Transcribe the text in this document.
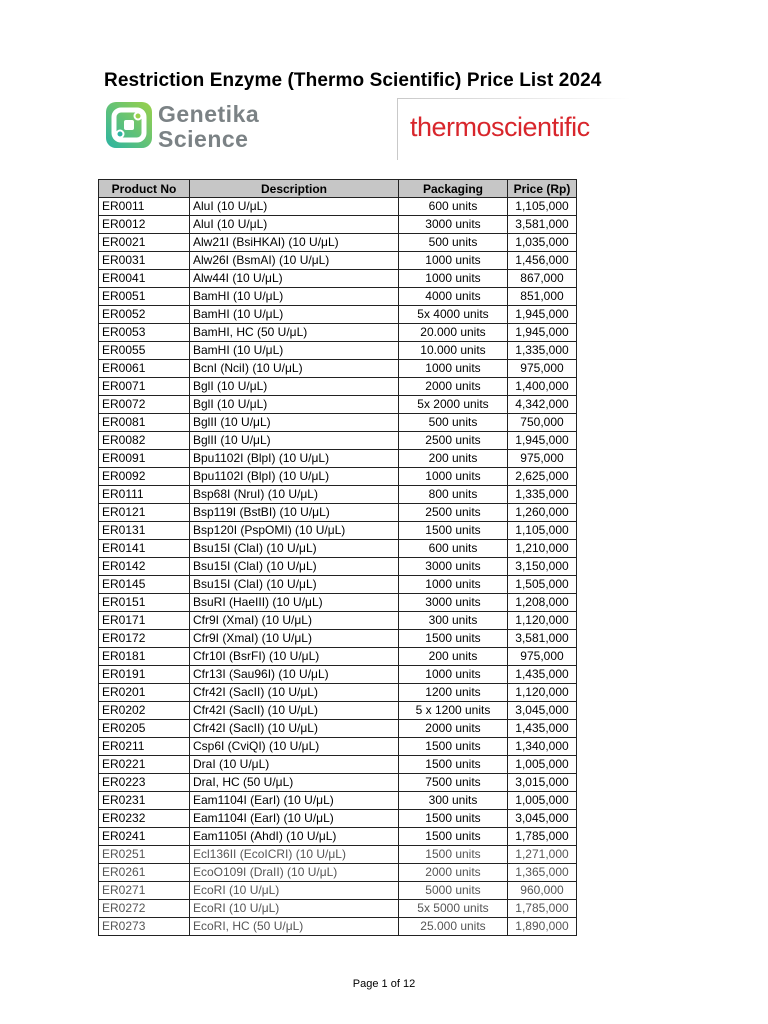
Restriction Enzyme (Thermo Scientific) Price List 2024
Genetika
Science	thermoscientific
Product No	Description	Packaging	Price (Rp)
ER0011	AluI (10 U/μL)	600 units	1,105,000
ER0012	AluI (10 U/μL)	3000 units	3,581,000
ER0021	Alw21I (BsiHKAI) (10 U/μL)	500 units	1,035,000
ER0031	Alw26I (BsmAI) (10 U/μL)	1000 units	1,456,000
ER0041	Alw44I (10 U/μL)	1000 units	867,000
ER0051	BamHI (10 U/μL)	4000 units	851,000
ER0052	BamHI (10 U/μL)	5x 4000 units	1,945,000
ER0053	BamHI, HC (50 U/μL)	20.000 units	1,945,000
ER0055	BamHI (10 U/μL)	10.000 units	1,335,000
ER0061	BcnI (NciI) (10 U/μL)	1000 units	975,000
ER0071	BglI (10 U/μL)	2000 units	1,400,000
ER0072	BglI (10 U/μL)	5x 2000 units	4,342,000
ER0081	BglII (10 U/μL)	500 units	750,000
ER0082	BglII (10 U/μL)	2500 units	1,945,000
ER0091	Bpu1102I (BlpI) (10 U/μL)	200 units	975,000
ER0092	Bpu1102I (BlpI) (10 U/μL)	1000 units	2,625,000
ER0111	Bsp68I (NruI) (10 U/μL)	800 units	1,335,000
ER0121	Bsp119I (BstBI) (10 U/μL)	2500 units	1,260,000
ER0131	Bsp120I (PspOMI) (10 U/μL)	1500 units	1,105,000
ER0141	Bsu15I (ClaI) (10 U/μL)	600 units	1,210,000
ER0142	Bsu15I (ClaI) (10 U/μL)	3000 units	3,150,000
ER0145	Bsu15I (ClaI) (10 U/μL)	1000 units	1,505,000
ER0151	BsuRI (HaeIII) (10 U/μL)	3000 units	1,208,000
ER0171	Cfr9I (XmaI) (10 U/μL)	300 units	1,120,000
ER0172	Cfr9I (XmaI) (10 U/μL)	1500 units	3,581,000
ER0181	Cfr10I (BsrFI) (10 U/μL)	200 units	975,000
ER0191	Cfr13I (Sau96I) (10 U/μL)	1000 units	1,435,000
ER0201	Cfr42I (SacII) (10 U/μL)	1200 units	1,120,000
ER0202	Cfr42I (SacII) (10 U/μL)	5 x 1200 units	3,045,000
ER0205	Cfr42I (SacII) (10 U/μL)	2000 units	1,435,000
ER0211	Csp6I (CviQI) (10 U/μL)	1500 units	1,340,000
ER0221	DraI (10 U/μL)	1500 units	1,005,000
ER0223	DraI, HC (50 U/μL)	7500 units	3,015,000
ER0231	Eam1104I (EarI) (10 U/μL)	300 units	1,005,000
ER0232	Eam1104I (EarI) (10 U/μL)	1500 units	3,045,000
ER0241	Eam1105I (AhdI) (10 U/μL)	1500 units	1,785,000
ER0251	Ecl136II (EcoICRI) (10 U/μL)	1500 units	1,271,000
ER0261	EcoO109I (DraII) (10 U/μL)	2000 units	1,365,000
ER0271	EcoRI (10 U/μL)	5000 units	960,000
ER0272	EcoRI (10 U/μL)	5x 5000 units	1,785,000
ER0273	EcoRI, HC (50 U/μL)	25.000 units	1,890,000
Page 1 of 12
